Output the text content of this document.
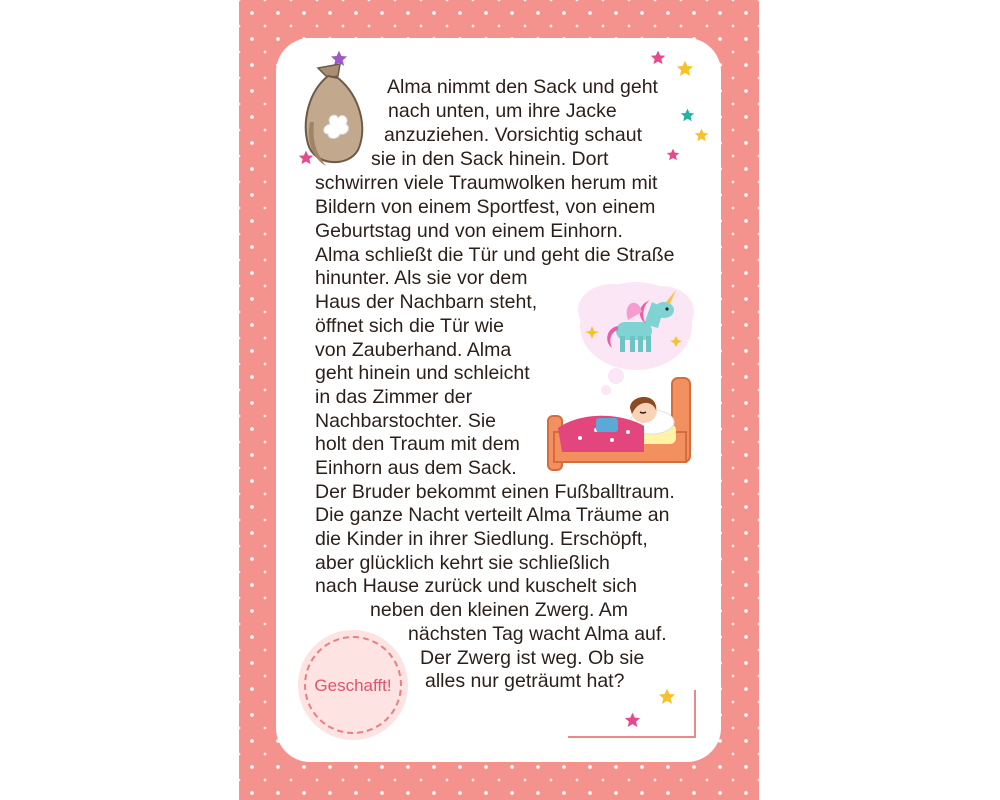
Geschafft!

Alma nimmt den Sack und geht

nach unten, um ihre Jacke

anzuziehen. Vorsichtig schaut

sie in den Sack hinein. Dort

schwirren viele Traumwolken herum mit

Bildern von einem Sportfest, von einem

Geburtstag und von einem Einhorn.

Alma schließt die Tür und geht die Straße

hinunter. Als sie vor dem

Haus der Nachbarn steht,

öffnet sich die Tür wie

von Zauberhand. Alma

geht hinein und schleicht

in das Zimmer der

Nachbarstochter. Sie

holt den Traum mit dem

Einhorn aus dem Sack.

Der Bruder bekommt einen Fußballtraum.

Die ganze Nacht verteilt Alma Träume an

die Kinder in ihrer Siedlung. Erschöpft,

aber glücklich kehrt sie schließlich

nach Hause zurück und kuschelt sich

neben den kleinen Zwerg. Am

nächsten Tag wacht Alma auf.

Der Zwerg ist weg. Ob sie

alles nur geträumt hat?
